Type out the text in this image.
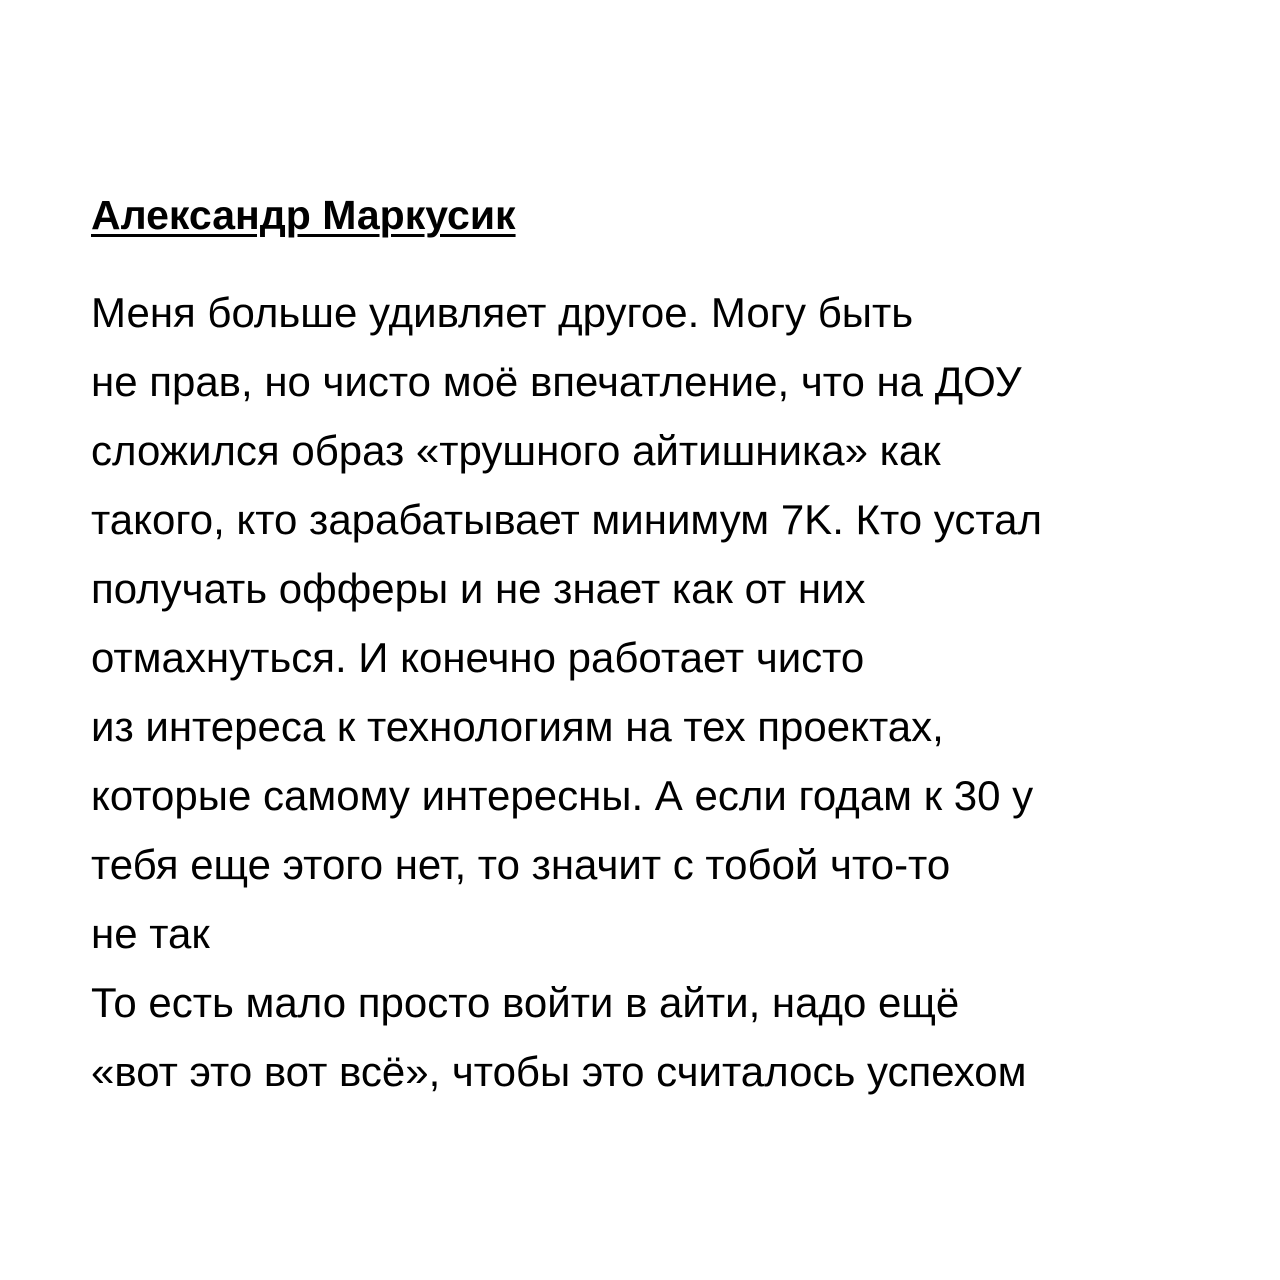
Александр Маркусик
Меня больше удивляет другое. Могу быть
не прав, но чисто моё впечатление, что на ДОУ
сложился образ «трушного айтишника» как
такого, кто зарабатывает минимум 7K. Кто устал
получать офферы и не знает как от них
отмахнуться. И конечно работает чисто
из интереса к технологиям на тех проектах,
которые самому интересны. А если годам к 30 у
тебя еще этого нет, то значит с тобой что-то
не так
То есть мало просто войти в айти, надо ещё
«вот это вот всё», чтобы это считалось успехом
